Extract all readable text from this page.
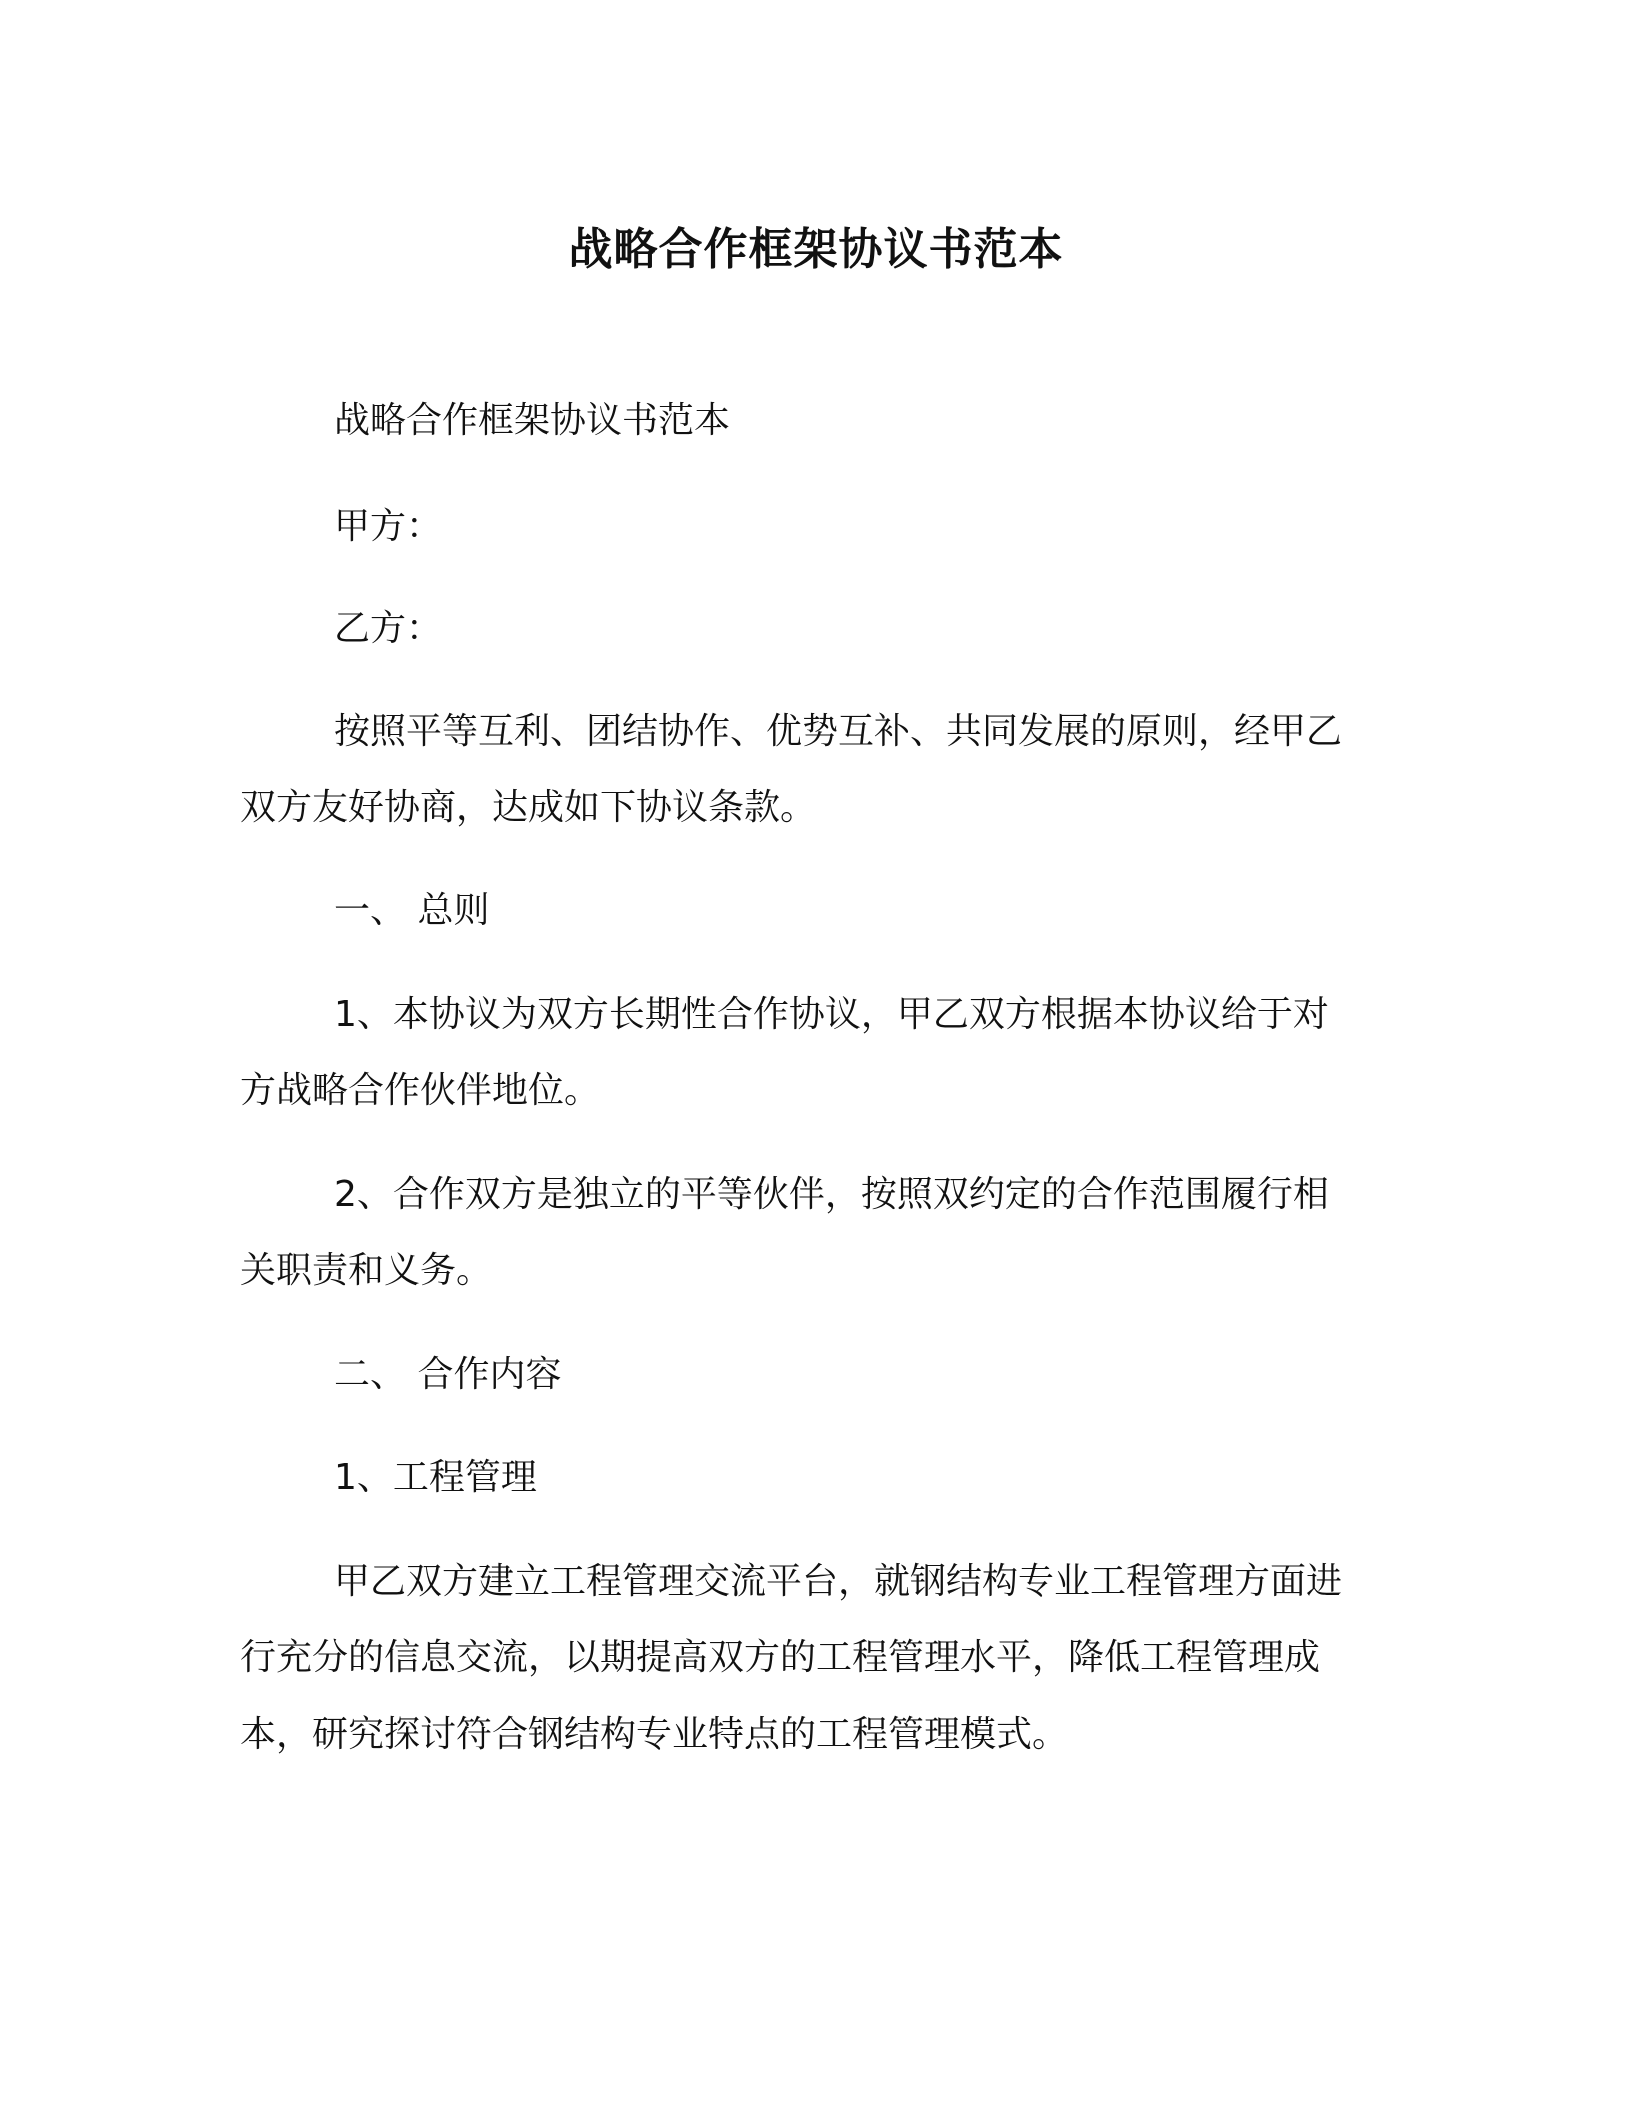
战略合作框架协议书范本
战略合作框架协议书范本
甲方：
乙方：
按照平等互利、团结协作、优势互补、共同发展的原则，经甲乙
双方友好协商，达成如下协议条款。
一、 总则
1、本协议为双方长期性合作协议，甲乙双方根据本协议给于对
方战略合作伙伴地位。
2、合作双方是独立的平等伙伴，按照双约定的合作范围履行相
关职责和义务。
二、 合作内容
1、工程管理
甲乙双方建立工程管理交流平台，就钢结构专业工程管理方面进
行充分的信息交流，以期提高双方的工程管理水平，降低工程管理成
本，研究探讨符合钢结构专业特点的工程管理模式。
